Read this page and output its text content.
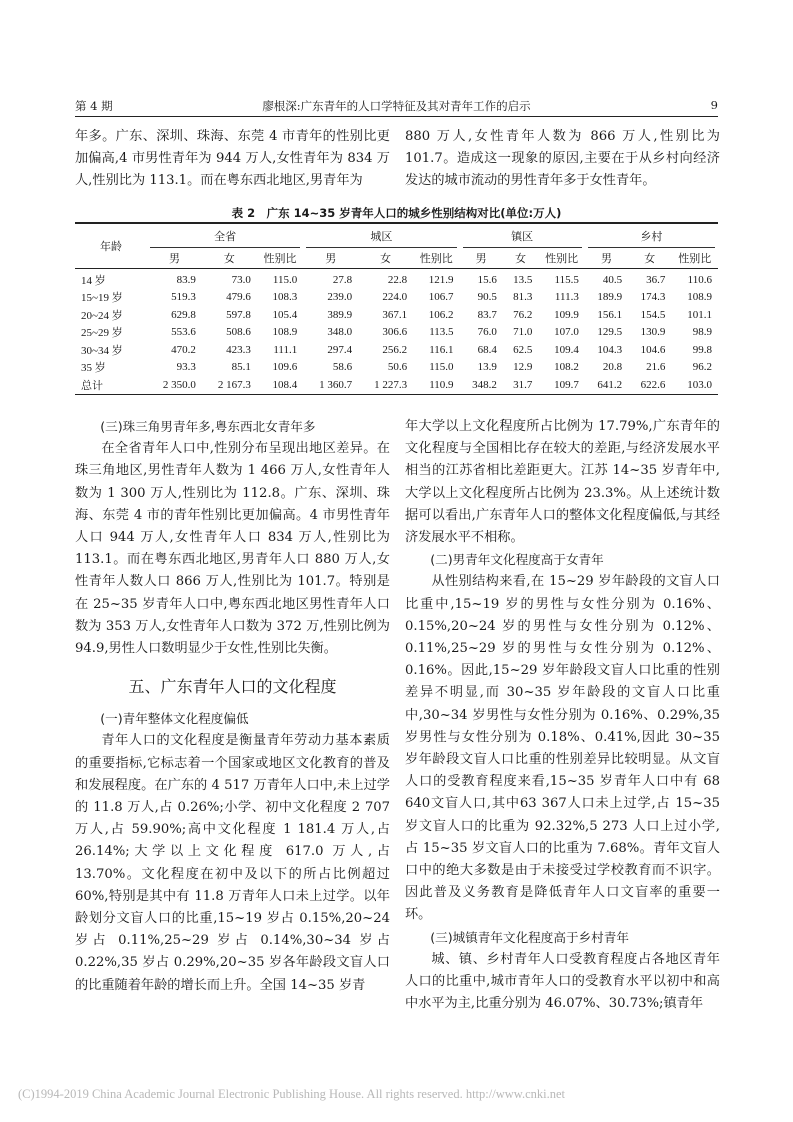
第 4 期	廖根深:广东青年的人口学特征及其对青年工作的启示	9

年多。广东、深圳、珠海、东莞 4 市青年的性别比更加偏高,4 市男性青年为 944 万人,女性青年为 834 万人,性别比为 113.1。而在粤东西北地区,男青年为

880 万人,女性青年人数为 866 万人,性别比为 101.7。造成这一现象的原因,主要在于从乡村向经济发达的城市流动的男性青年多于女性青年。

表 2　广东 14~35 岁青年人口的城乡性别结构对比(单位:万人)
年龄	全省			城区			镇区			乡村		

	男	女	性别比	男	女	性别比	男	女	性别比	男	女	性别比
14 岁	83.9	73.0	115.0	27.8	22.8	121.9	15.6	13.5	115.5	40.5	36.7	110.6
15~19 岁	519.3	479.6	108.3	239.0	224.0	106.7	90.5	81.3	111.3	189.9	174.3	108.9
20~24 岁	629.8	597.8	105.4	389.9	367.1	106.2	83.7	76.2	109.9	156.1	154.5	101.1
25~29 岁	553.6	508.6	108.9	348.0	306.6	113.5	76.0	71.0	107.0	129.5	130.9	98.9
30~34 岁	470.2	423.3	111.1	297.4	256.2	116.1	68.4	62.5	109.4	104.3	104.6	99.8
35 岁	93.3	85.1	109.6	58.6	50.6	115.0	13.9	12.9	108.2	20.8	21.6	96.2
总计	2 350.0	2 167.3	108.4	1 360.7	1 227.3	110.9	348.2	31.7	109.7	641.2	622.6	103.0

(三)珠三角男青年多,粤东西北女青年多

在全省青年人口中,性别分布呈现出地区差异。在珠三角地区,男性青年人数为 1 466 万人,女性青年人数为 1 300 万人,性别比为 112.8。广东、深圳、珠海、东莞 4 市的青年性别比更加偏高。4 市男性青年人口 944 万人,女性青年人口 834 万人,性别比为 113.1。而在粤东西北地区,男青年人口 880 万人,女性青年人数人口 866 万人,性别比为 101.7。特别是在 25~35 岁青年人口中,粤东西北地区男性青年人口数为 353 万人,女性青年人口数为 372 万,性别比例为 94.9,男性人口数明显少于女性,性别比失衡。

五、广东青年人口的文化程度

(一)青年整体文化程度偏低

青年人口的文化程度是衡量青年劳动力基本素质的重要指标,它标志着一个国家或地区文化教育的普及和发展程度。在广东的 4 517 万青年人口中,未上过学的 11.8 万人,占 0.26%;小学、初中文化程度 2 707万人,占 59.90%;高中文化程度 1 181.4 万人,占 26.14%;大学以上文化程度 617.0 万人,占 13.70%。文化程度在初中及以下的所占比例超过 60%,特别是其中有 11.8 万青年人口未上过学。以年龄划分文盲人口的比重,15~19 岁占 0.15%,20~24 岁占 0.11%,25~29 岁占 0.14%,30~34 岁占 0.22%,35 岁占 0.29%,20~35 岁各年龄段文盲人口的比重随着年龄的增长而上升。全国 14~35 岁青

年大学以上文化程度所占比例为 17.79%,广东青年的文化程度与全国相比存在较大的差距,与经济发展水平相当的江苏省相比差距更大。江苏 14~35 岁青年中,大学以上文化程度所占比例为 23.3%。从上述统计数据可以看出,广东青年人口的整体文化程度偏低,与其经济发展水平不相称。

(二)男青年文化程度高于女青年

从性别结构来看,在 15~29 岁年龄段的文盲人口比重中,15~19 岁的男性与女性分别为 0.16%、0.15%,20~24 岁的男性与女性分别为 0.12%、0.11%,25~29 岁的男性与女性分别为 0.12%、0.16%。因此,15~29 岁年龄段文盲人口比重的性别差异不明显,而 30~35 岁年龄段的文盲人口比重中,30~34 岁男性与女性分别为 0.16%、0.29%,35 岁男性与女性分别为 0.18%、0.41%,因此 30~35 岁年龄段文盲人口比重的性别差异比较明显。从文盲人口的受教育程度来看,15~35 岁青年人口中有 68 640文盲人口,其中63 367人口未上过学,占 15~35 岁文盲人口的比重为 92.32%,5 273 人口上过小学,占 15~35 岁文盲人口的比重为 7.68%。青年文盲人口中的绝大多数是由于未接受过学校教育而不识字。因此普及义务教育是降低青年人口文盲率的重要一环。

(三)城镇青年文化程度高于乡村青年

城、镇、乡村青年人口受教育程度占各地区青年人口的比重中,城市青年人口的受教育水平以初中和高中水平为主,比重分别为 46.07%、30.73%;镇青年

(C)1994-2019 China Academic Journal Electronic Publishing House. All rights reserved. http://www.cnki.net
